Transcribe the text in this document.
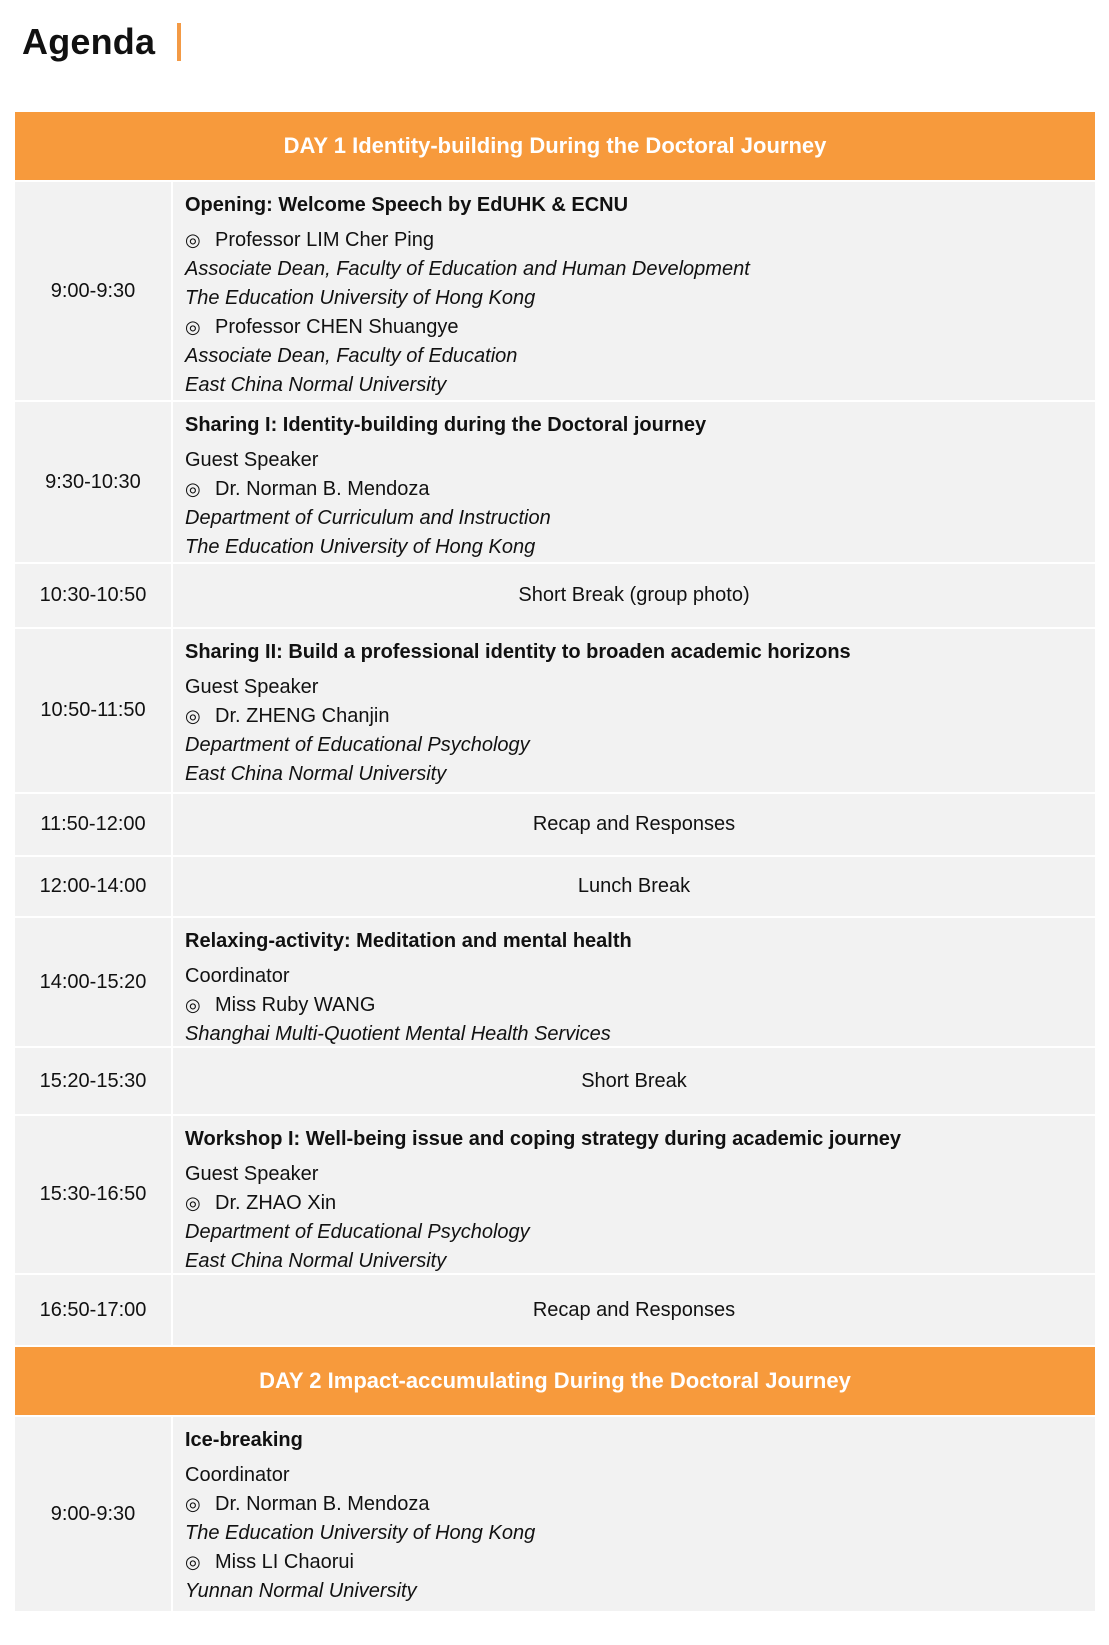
Agenda
DAY 1 Identity-building During the Doctoral Journey
9:00-9:30
Opening: Welcome Speech by EdUHK & ECNU
◎ Professor LIM Cher Ping
Associate Dean, Faculty of Education and Human Development
The Education University of Hong Kong
◎ Professor CHEN Shuangye
Associate Dean, Faculty of Education
East China Normal University
9:30-10:30
Sharing I: Identity-building during the Doctoral journey
Guest Speaker
◎ Dr. Norman B. Mendoza
Department of Curriculum and Instruction
The Education University of Hong Kong
10:30-10:50	Short Break (group photo)
10:50-11:50
Sharing II: Build a professional identity to broaden academic horizons
Guest Speaker
◎ Dr. ZHENG Chanjin
Department of Educational Psychology
East China Normal University
11:50-12:00	Recap and Responses
12:00-14:00	Lunch Break
14:00-15:20
Relaxing-activity: Meditation and mental health
Coordinator
◎ Miss Ruby WANG
Shanghai Multi-Quotient Mental Health Services
15:20-15:30	Short Break
15:30-16:50
Workshop I: Well-being issue and coping strategy during academic journey
Guest Speaker
◎ Dr. ZHAO Xin
Department of Educational Psychology
East China Normal University
16:50-17:00	Recap and Responses
DAY 2 Impact-accumulating During the Doctoral Journey
9:00-9:30
Ice-breaking
Coordinator
◎ Dr. Norman B. Mendoza
The Education University of Hong Kong
◎ Miss LI Chaorui
Yunnan Normal University
